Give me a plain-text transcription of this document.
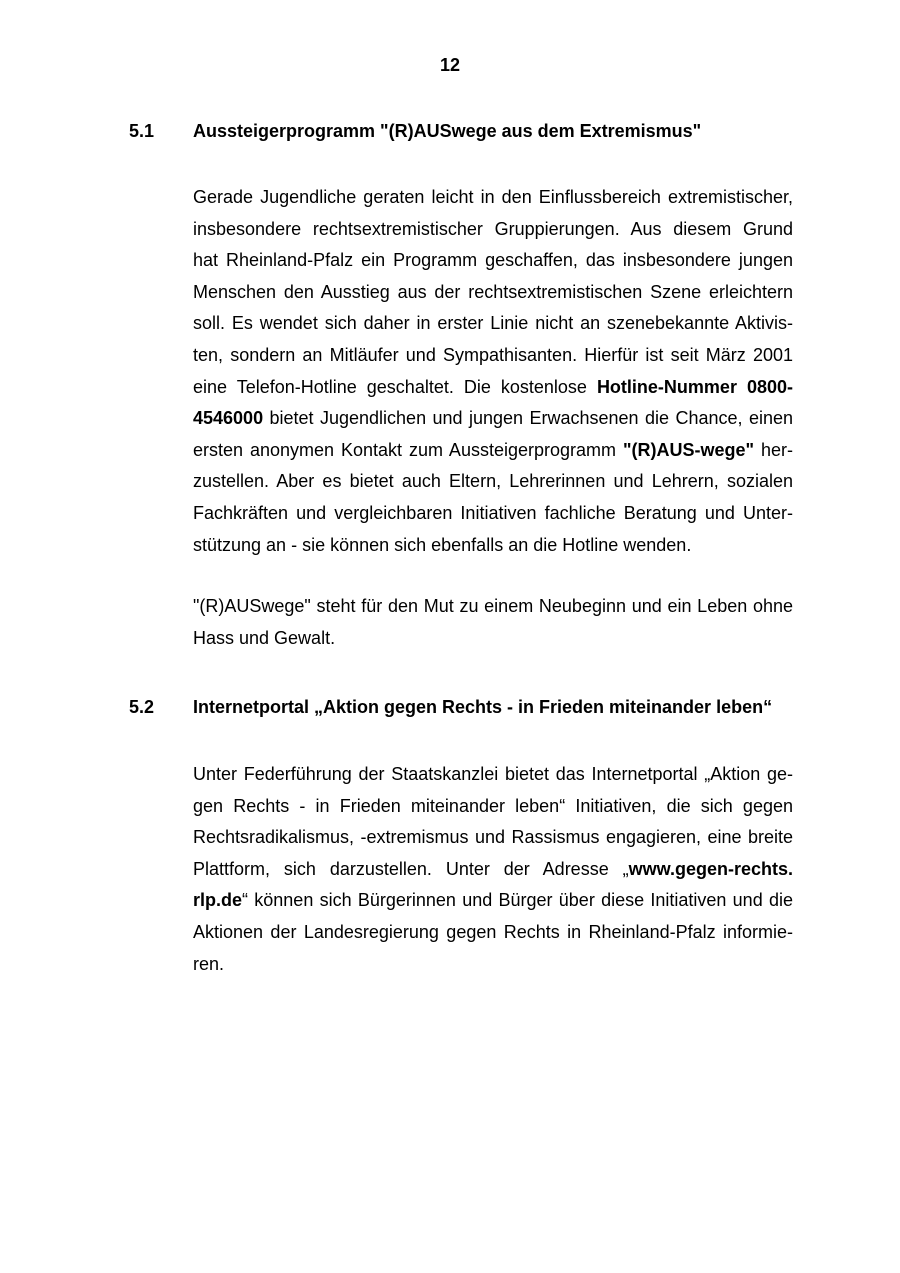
12
5.1 Aussteigerprogramm "(R)AUSwege aus dem Extremismus"
Gerade Jugendliche geraten leicht in den Einflussbereich extremistischer,
insbesondere rechtsextremistischer Gruppierungen. Aus diesem Grund
hat Rheinland-Pfalz ein Programm geschaffen, das insbesondere jungen
Menschen den Ausstieg aus der rechtsextremistischen Szene erleichtern
soll. Es wendet sich daher in erster Linie nicht an szenebekannte Aktivis-
ten, sondern an Mitläufer und Sympathisanten. Hierfür ist seit März 2001
eine Telefon-Hotline geschaltet. Die kostenlose Hotline-Nummer 0800-
4546000 bietet Jugendlichen und jungen Erwachsenen die Chance, einen
ersten anonymen Kontakt zum Aussteigerprogramm "(R)AUS-wege" her-
zustellen. Aber es bietet auch Eltern, Lehrerinnen und Lehrern, sozialen
Fachkräften und vergleichbaren Initiativen fachliche Beratung und Unter-
stützung an - sie können sich ebenfalls an die Hotline wenden.
"(R)AUSwege" steht für den Mut zu einem Neubeginn und ein Leben ohne
Hass und Gewalt.
5.2 Internetportal „Aktion gegen Rechts - in Frieden miteinander leben“
Unter Federführung der Staatskanzlei bietet das Internetportal „Aktion ge-
gen Rechts - in Frieden miteinander leben“ Initiativen, die sich gegen
Rechtsradikalismus, -extremismus und Rassismus engagieren, eine breite
Plattform, sich darzustellen. Unter der Adresse „www.gegen-rechts.
rlp.de“ können sich Bürgerinnen und Bürger über diese Initiativen und die
Aktionen der Landesregierung gegen Rechts in Rheinland-Pfalz informie-
ren.
